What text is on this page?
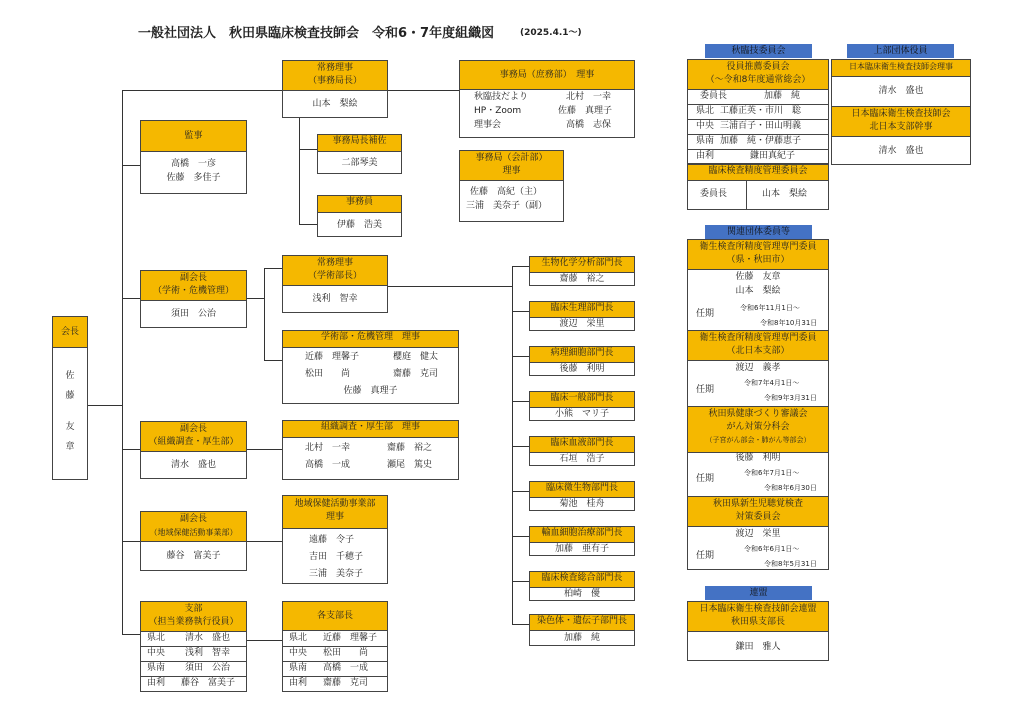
一般社団法人　秋田県臨床検査技師会　令和6・7年度組織図	(2025.4.1～)
会長
佐
藤
友
章
監事
高橋　一彦
佐藤　多佳子
常務理事
（事務局長）
山本　梨絵
事務局長補佐
二部琴美
事務員
伊藤　浩美
事務局（庶務部）　理事
秋臨技だより	北村　一幸
HP・Zoom	佐藤　真理子
理事会	高橋　志保
事務局（会計部）
理事
佐藤　高紀（主）
三浦　美奈子（副）
副会長
（学術・危機管理）
須田　公治
常務理事
（学術部長）
浅利　智幸
学術部・危機管理　理事
近藤　理馨子	櫻庭　健太
松田　　尚	齋藤　克司
佐藤　真理子
副会長
（組織調査・厚生部）
清水　盛也
組織調査・厚生部　理事
北村　一幸	齋藤　裕之
高橋　一成	瀬尾　篤史
副会長
（地域保健活動事業部）
藤谷　富美子
地域保健活動事業部
理事
遠藤　令子
吉田　千穂子
三浦　美奈子
支部
（担当業務執行役員）
県北 清水　盛也
中央 浅利　智幸
県南 須田　公治
由利 藤谷　富美子
各支部長
県北 近藤　理馨子
中央 松田　　尚
県南 高橋　一成
由利 齋藤　克司
生物化学分析部門長
齋藤　裕之
臨床生理部門長
渡辺　栄里
病理細胞部門長
後藤　利明
臨床一般部門長
小熊　マリ子
臨床血液部門長
石垣　浩子
臨床微生物部門長
菊池　桂舟
輸血細胞治療部門長
加藤　亜有子
臨床検査総合部門長
柏崎　優
染色体・遺伝子部門長
加藤　純
秋臨技委員会
役員推薦委員会
（～令和8年度通常総会）
委員長	加藤　純
県北 工藤正英・市川　聡
中央 三浦百子・田山明義
県南 加藤　純・伊藤恵子
由利	鎌田真紀子
臨床検査精度管理委員会
委員長	山本　梨絵
上部団体役員
日本臨床衛生検査技師会理事
清水　盛也
日本臨床衛生検査技師会
北日本支部幹事
清水　盛也
関連団体委員等
衛生検査所精度管理専門委員
（県・秋田市）
佐藤　友章
山本　梨絵
任期
令和6年11月1日～
令和8年10月31日
衛生検査所精度管理専門委員
（北日本支部）
渡辺　義孝
任期
令和7年4月1日～
令和9年3月31日
秋田県健康づくり審議会
がん対策分科会
（子宮がん部会・肺がん等部会）
後藤　利明
任期
令和6年7月1日～
令和8年6月30日
秋田県新生児聴覚検査
対策委員会
渡辺　栄里
任期
令和6年6月1日～
令和8年5月31日
連盟
日本臨床衛生検査技師会連盟
秋田県支部長
鎌田　雅人
